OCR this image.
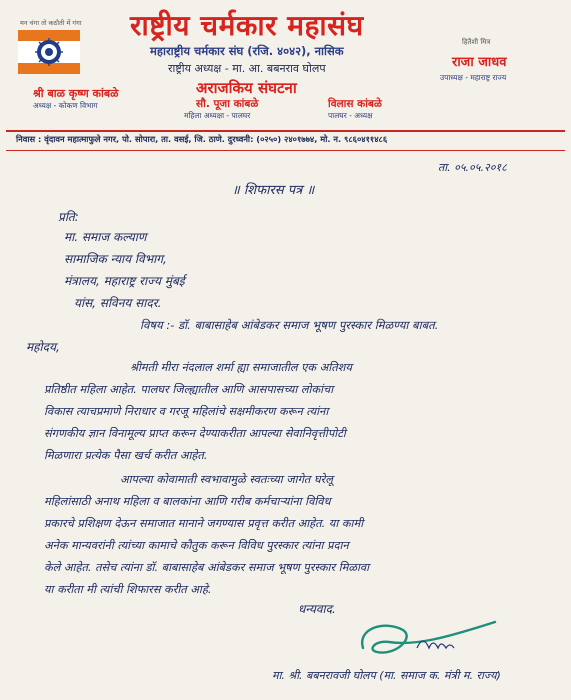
मन चंगा तो कठौती में गंगा राष्ट्रीय चर्मकार महासंघ
महाराष्ट्रीय चर्मकार संघ (रजि. ४०४२), नासिक
राष्ट्रीय अध्यक्ष - मा. आ. बबनराव घोलप
अराजकिय संघटना
हितैशी मित्र
राजा जाधव
उपाध्यक्ष - महाराष्ट्र राज्य
श्री बाळ कृष्ण कांबळे
अध्यक्ष - कोकण विभाग	सौ. पूजा कांबळे
महिला अध्यक्षा - पालघर
विलास कांबळे
पालघर - अध्यक्ष
निवास : वृंदावन महात्माफुले नगर, पो. सोपारा, ता. वसई, जि. ठाणे. दुरध्वनी: (०२५०) २४०१७७४, मो. न. ९८६०४११४८६
ता. ०५.०५.२०१८
॥ शिफारस पत्र ॥
प्रति:
मा. समाज कल्याण
सामाजिक न्याय विभाग,
मंत्रालय, महाराष्ट्र राज्य मुंबई
यांस, सविनय सादर.
विषय :- डॉ. बाबासाहेब आंबेडकर समाज भूषण पुरस्कार मिळण्या बाबत.
महोदय,
श्रीमती मीरा नंदलाल शर्मा ह्या समाजातील एक अतिशय
प्रतिष्ठीत महिला आहेत. पालघर जिल्ह्यातील आणि आसपासच्या लोकांचा
विकास त्याचप्रमाणे निराधार व गरजू महिलांचे सक्षमीकरण करून त्यांना
संगणकीय ज्ञान विनामूल्य प्राप्त करून देण्याकरीता आपल्या सेवानिवृत्तीपोटी
मिळणारा प्रत्येक पैसा खर्च करीत आहेत.
आपल्या कोवामाती स्वभावामुळे स्वतःच्या जागेत घरेलू
महिलांसाठी अनाथ महिला व बालकांना आणि गरीब कर्मचाऱ्यांना विविध
प्रकारचे प्रशिक्षण देऊन समाजात मानाने जगण्यास प्रवृत्त करीत आहेत. या कामी
अनेक मान्यवरांनी त्यांच्या कामाचे कौतुक करून विविध पुरस्कार त्यांना प्रदान
केले आहेत. तसेच त्यांना डॉ. बाबासाहेब आंबेडकर समाज भूषण पुरस्कार मिळावा
या करीता मी त्यांची शिफारस करीत आहे.
धन्यवाद.
मा. श्री. बबनरावजी घोलप (मा. समाज क. मंत्री म. राज्य)
